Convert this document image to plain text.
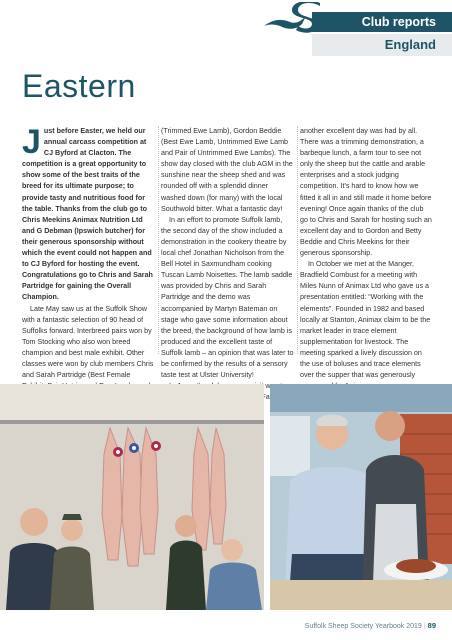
Club reports
England
Eastern

Just before Easter, we held our annual carcass competition at CJ Byford at Clacton. The competition is a great opportunity to show some of the best traits of the breed for its ultimate purpose; to provide tasty and nutritious food for the table. Thanks from the club go to Chris Meekins Animax Nutrition Ltd and G Debman (Ipswich butcher) for their generous sponsorship without which the event could not happen and to CJ Byford for hosting the event. Congratulations go to Chris and Sarah Partridge for gaining the Overall Champion.

Late May saw us at the Suffolk Show with a fantastic selection of 90 head of Suffolks forward. Interbreed pairs won by Tom Stocking who also won breed champion and best male exhibit. Other classes were won by club members Chris and Sarah Partridge (Best Female

(Trimmed Ewe Lamb), Gordon Beddie (Best Ewe Lamb, Untrimmed Ewe Lamb and Pair of Untrimmed Ewe Lambs). The show day closed with the club AGM in the sunshine near the sheep shed and was rounded off with a splendid dinner washed down (for many) with the local Southwold bitter. What a fantastic day!

In an effort to promote Suffolk lamb, the second day of the show included a demonstration in the cookery theatre by local chef Jonathan Nicholson from the Bell Hotel in Saxmundham cooking Tuscan Lamb Noisettes. The lamb saddle was provided by Chris and Sarah Partridge and the demo was accompanied by Martyn Bateman on stage who gave some information about the breed, the background of how lamb is produced and the excellent taste of Suffolk lamb – an opinion that was later to be confirmed by the results of a sensory taste test at Ulster University!

Farm

another excellent day was had by all. There was a trimming demonstration, a barbeque lunch, a farm tour to see not only the sheep but the cattle and arable enterprises and a stock judging competition. It's hard to know how we fitted it all in and still made it home before evening! Once again thanks of the club go to Chris and Sarah for hosting such an excellent day and to Gordon and Betty Beddie and Chris Meekins for their generous sponsorship.

In October we met at the Manger, Bradfield Combust for a meeting with Miles Nunn of Animax Ltd who gave us a presentation entitled: “Working with the elements”. Founded in 1982 and based locally at Stanton, Animax claim to be the market leader in trace element supplementation for livestock. The meeting sparked a lively discussion on the use of boluses and trace elements over the supper that was generously

Suffolk Sheep Society Yearbook 2019 | 89
